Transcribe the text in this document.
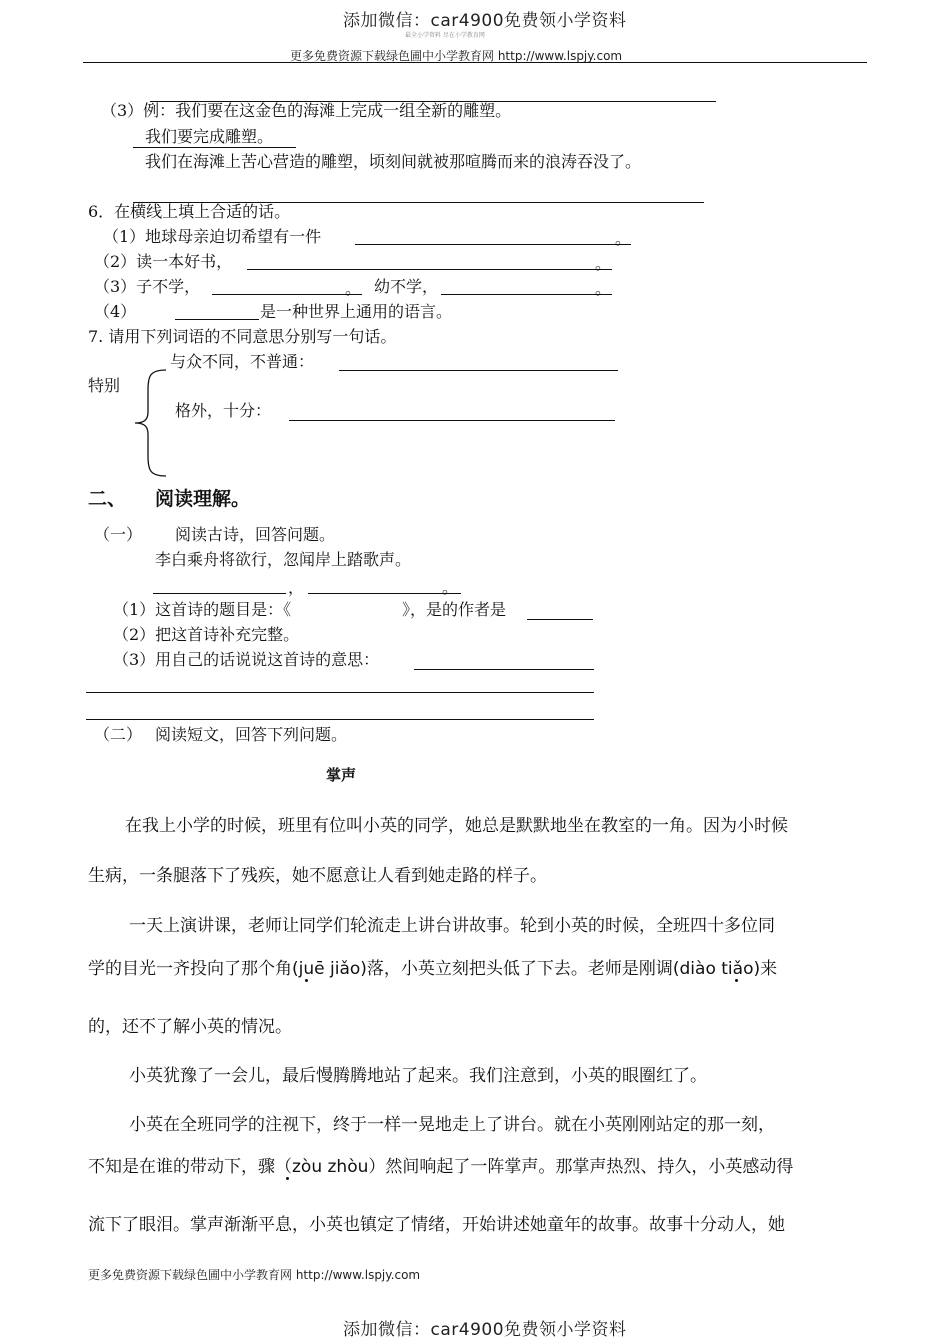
添加微信：car4900免费领小学资料
最全小学资料 尽在小学教育网
更多免费资源下载绿色圃中小学教育网 http://www.lspjy.com
（3）例：我们要在这金色的海滩上完成一组全新的雕塑。
我们要完成雕塑。
我们在海滩上苦心营造的雕塑，顷刻间就被那喧腾而来的浪涛吞没了。
6．在横线上填上合适的话。
（1）地球母亲迫切希望有一件	。
（2）读一本好书，	。
（3）子不学，	。 幼不学，	。
（4）	是一种世界上通用的语言。
7. 请用下列词语的不同意思分别写一句话。
与众不同，不普通：
特别
格外，十分：
二、 阅读理解。
（一） 阅读古诗，回答问题。
李白乘舟将欲行，忽闻岸上踏歌声。
，	。
（1）这首诗的题目是：《	》，是的作者是
（2）把这首诗补充完整。
（3）用自己的话说说这首诗的意思：
（二） 阅读短文，回答下列问题。
掌声
在我上小学的时候，班里有位叫小英的同学，她总是默默地坐在教室的一角。因为小时候
生病，一条腿落下了残疾，她不愿意让人看到她走路的样子。
一天上演讲课，老师让同学们轮流走上讲台讲故事。轮到小英的时候，全班四十多位同
学的目光一齐投向了那个角(juē jiǎo)落，小英立刻把头低了下去。老师是刚调(diào tiǎo)来
的，还不了解小英的情况。
小英犹豫了一会儿，最后慢腾腾地站了起来。我们注意到，小英的眼圈红了。
小英在全班同学的注视下，终于一样一晃地走上了讲台。就在小英刚刚站定的那一刻，
不知是在谁的带动下，骤（zòu zhòu）然间响起了一阵掌声。那掌声热烈、持久，小英感动得
流下了眼泪。掌声渐渐平息，小英也镇定了情绪，开始讲述她童年的故事。故事十分动人，她
更多免费资源下载绿色圃中小学教育网 http://www.lspjy.com
添加微信：car4900免费领小学资料
